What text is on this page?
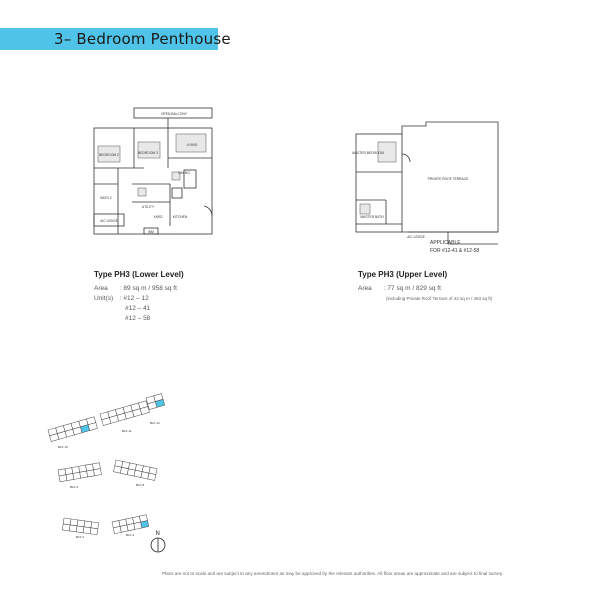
3– Bedroom Penthouse
OPEN BALCONY
LIVING
BEDROOM 2	BEDROOM 3
DINING
BATH 2
UTILITY
KITCHEN
YARD
WM
A/C LEDGE
MASTER BEDROOM
PRIVATE ROOF TERRACE
MASTER BATH
A/C LEDGE
APPLICABLE
FOR #12-41 & #12-58
Type PH3 (Lower Level)
Area : 89 sq m / 958 sq ft
Unit(s) : #12 – 12
#12 – 41
#12 – 58
Type PH3 (Upper Level)
Area : 77 sq m / 829 sq ft
(including Private Roof Terrace of 43 sq m / 463 sq ft)
BLK 12
BLK 11
BLK 10
BLK 9	BLK 8
BLK 2	BLK 4	N
Plans are not to scale and are subject to any amendment as may be approved by the relevant authorities. All floor areas are approximate and are subject to final survey.
